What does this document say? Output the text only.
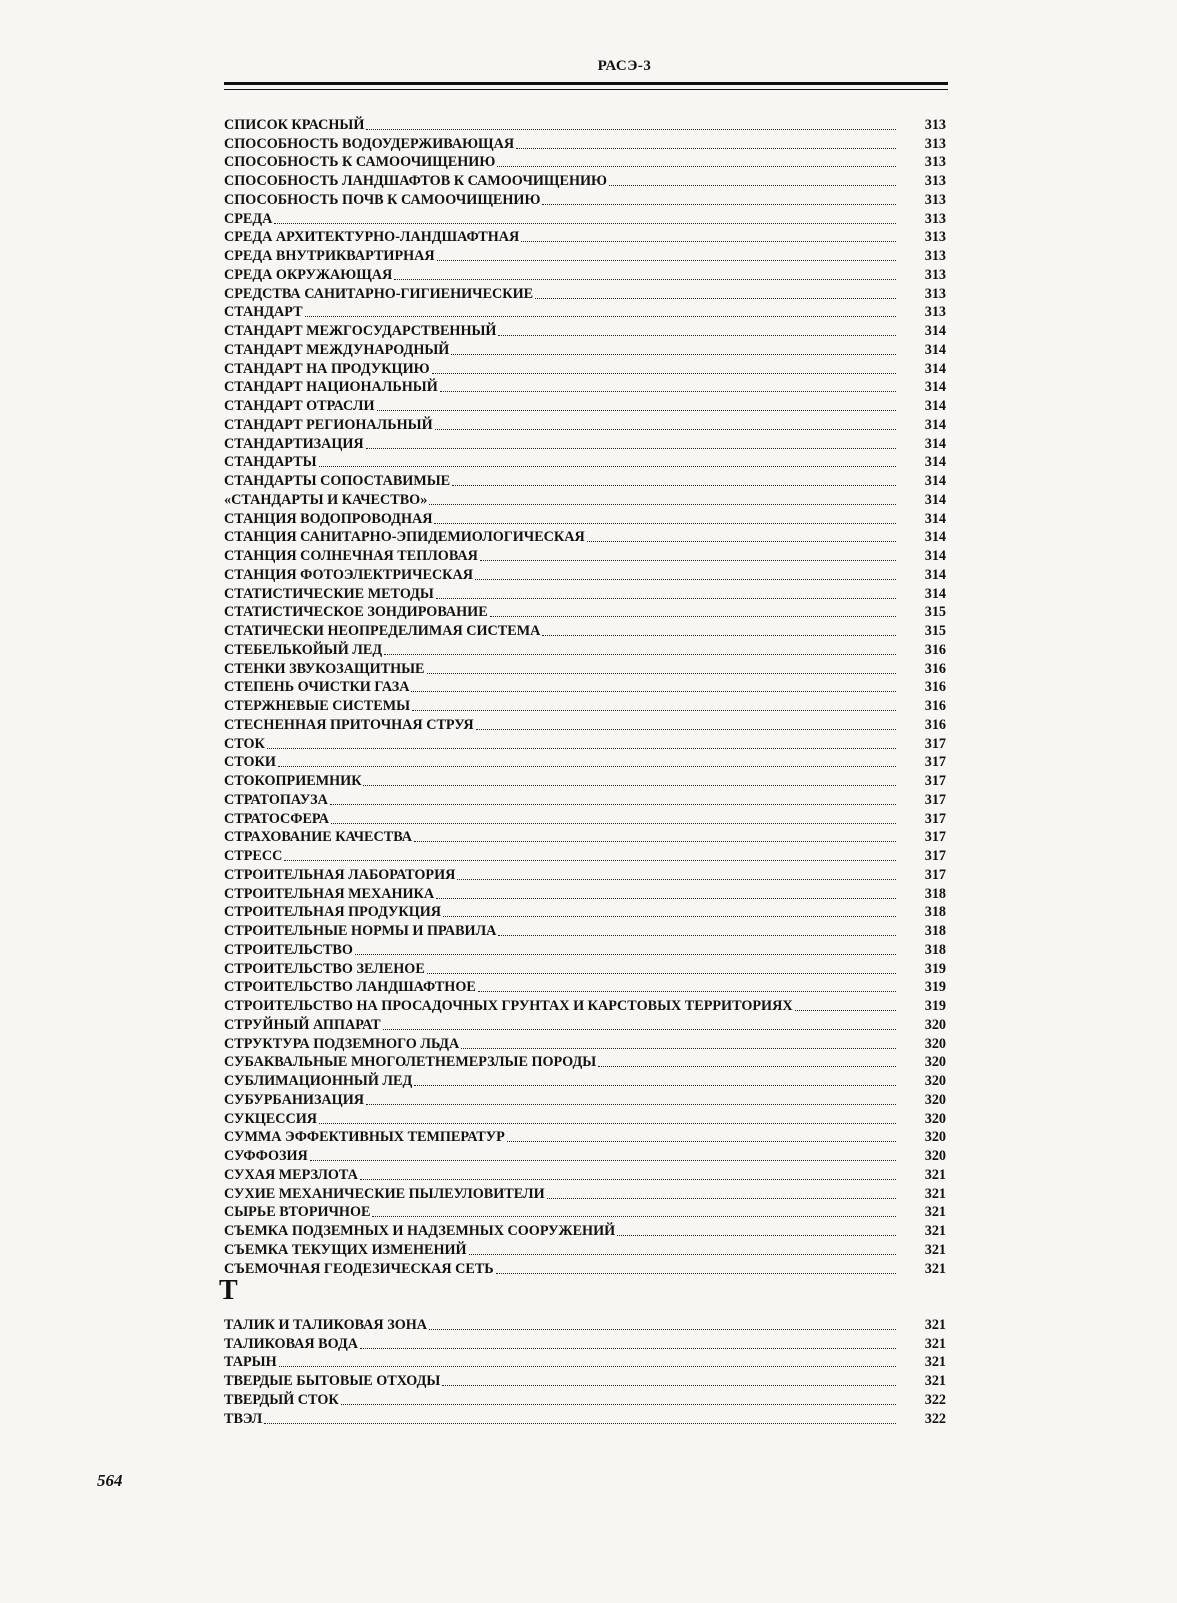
РАСЭ-3
СПИСОК КРАСНЫЙ	313
СПОСОБНОСТЬ ВОДОУДЕРЖИВАЮЩАЯ	313
СПОСОБНОСТЬ К САМООЧИЩЕНИЮ	313
СПОСОБНОСТЬ ЛАНДШАФТОВ К САМООЧИЩЕНИЮ	313
СПОСОБНОСТЬ ПОЧВ К САМООЧИЩЕНИЮ	313
СРЕДА	313
СРЕДА АРХИТЕКТУРНО-ЛАНДШАФТНАЯ	313
СРЕДА ВНУТРИКВАРТИРНАЯ	313
СРЕДА ОКРУЖАЮЩАЯ	313
СРЕДСТВА САНИТАРНО-ГИГИЕНИЧЕСКИЕ	313
СТАНДАРТ	313
СТАНДАРТ МЕЖГОСУДАРСТВЕННЫЙ	314
СТАНДАРТ МЕЖДУНАРОДНЫЙ	314
СТАНДАРТ НА ПРОДУКЦИЮ	314
СТАНДАРТ НАЦИОНАЛЬНЫЙ	314
СТАНДАРТ ОТРАСЛИ	314
СТАНДАРТ РЕГИОНАЛЬНЫЙ	314
СТАНДАРТИЗАЦИЯ	314
СТАНДАРТЫ	314
СТАНДАРТЫ СОПОСТАВИМЫЕ	314
«СТАНДАРТЫ И КАЧЕСТВО»	314
СТАНЦИЯ ВОДОПРОВОДНАЯ	314
СТАНЦИЯ САНИТАРНО-ЭПИДЕМИОЛОГИЧЕСКАЯ	314
СТАНЦИЯ СОЛНЕЧНАЯ ТЕПЛОВАЯ	314
СТАНЦИЯ ФОТОЭЛЕКТРИЧЕСКАЯ	314
СТАТИСТИЧЕСКИЕ МЕТОДЫ	314
СТАТИСТИЧЕСКОЕ ЗОНДИРОВАНИЕ	315
СТАТИЧЕСКИ НЕОПРЕДЕЛИМАЯ СИСТЕМА	315
СТЕБЕЛЬКОЙЫЙ ЛЕД	316
СТЕНКИ ЗВУКОЗАЩИТНЫЕ	316
СТЕПЕНЬ ОЧИСТКИ ГАЗА	316
СТЕРЖНЕВЫЕ СИСТЕМЫ	316
СТЕСНЕННАЯ ПРИТОЧНАЯ СТРУЯ	316
СТОК	317
СТОКИ	317
СТОКОПРИЕМНИК	317
СТРАТОПАУЗА	317
СТРАТОСФЕРА	317
СТРАХОВАНИЕ КАЧЕСТВА	317
СТРЕСС	317
СТРОИТЕЛЬНАЯ ЛАБОРАТОРИЯ	317
СТРОИТЕЛЬНАЯ МЕХАНИКА	318
СТРОИТЕЛЬНАЯ ПРОДУКЦИЯ	318
СТРОИТЕЛЬНЫЕ НОРМЫ И ПРАВИЛА	318
СТРОИТЕЛЬСТВО	318
СТРОИТЕЛЬСТВО ЗЕЛЕНОЕ	319
СТРОИТЕЛЬСТВО ЛАНДШАФТНОЕ	319
СТРОИТЕЛЬСТВО НА ПРОСАДОЧНЫХ ГРУНТАХ И КАРСТОВЫХ ТЕРРИТОРИЯХ	319
СТРУЙНЫЙ АППАРАТ	320
СТРУКТУРА ПОДЗЕМНОГО ЛЬДА	320
СУБАКВАЛЬНЫЕ МНОГОЛЕТНЕМЕРЗЛЫЕ ПОРОДЫ	320
СУБЛИМАЦИОННЫЙ ЛЕД	320
СУБУРБАНИЗАЦИЯ	320
СУКЦЕССИЯ	320
СУММА ЭФФЕКТИВНЫХ ТЕМПЕРАТУР	320
СУФФОЗИЯ	320
СУХАЯ МЕРЗЛОТА	321
СУХИЕ МЕХАНИЧЕСКИЕ ПЫЛЕУЛОВИТЕЛИ	321
СЫРЬЕ ВТОРИЧНОЕ	321
СЪЕМКА ПОДЗЕМНЫХ И НАДЗЕМНЫХ СООРУЖЕНИЙ	321
СЪЕМКА ТЕКУЩИХ ИЗМЕНЕНИЙ	321
СЪЕМОЧНАЯ ГЕОДЕЗИЧЕСКАЯ СЕТЬ	321
Т
ТАЛИК И ТАЛИКОВАЯ ЗОНА	321
ТАЛИКОВАЯ ВОДА	321
ТАРЫН	321
ТВЕРДЫЕ БЫТОВЫЕ ОТХОДЫ	321
ТВЕРДЫЙ СТОК	322
ТВЭЛ	322
564
